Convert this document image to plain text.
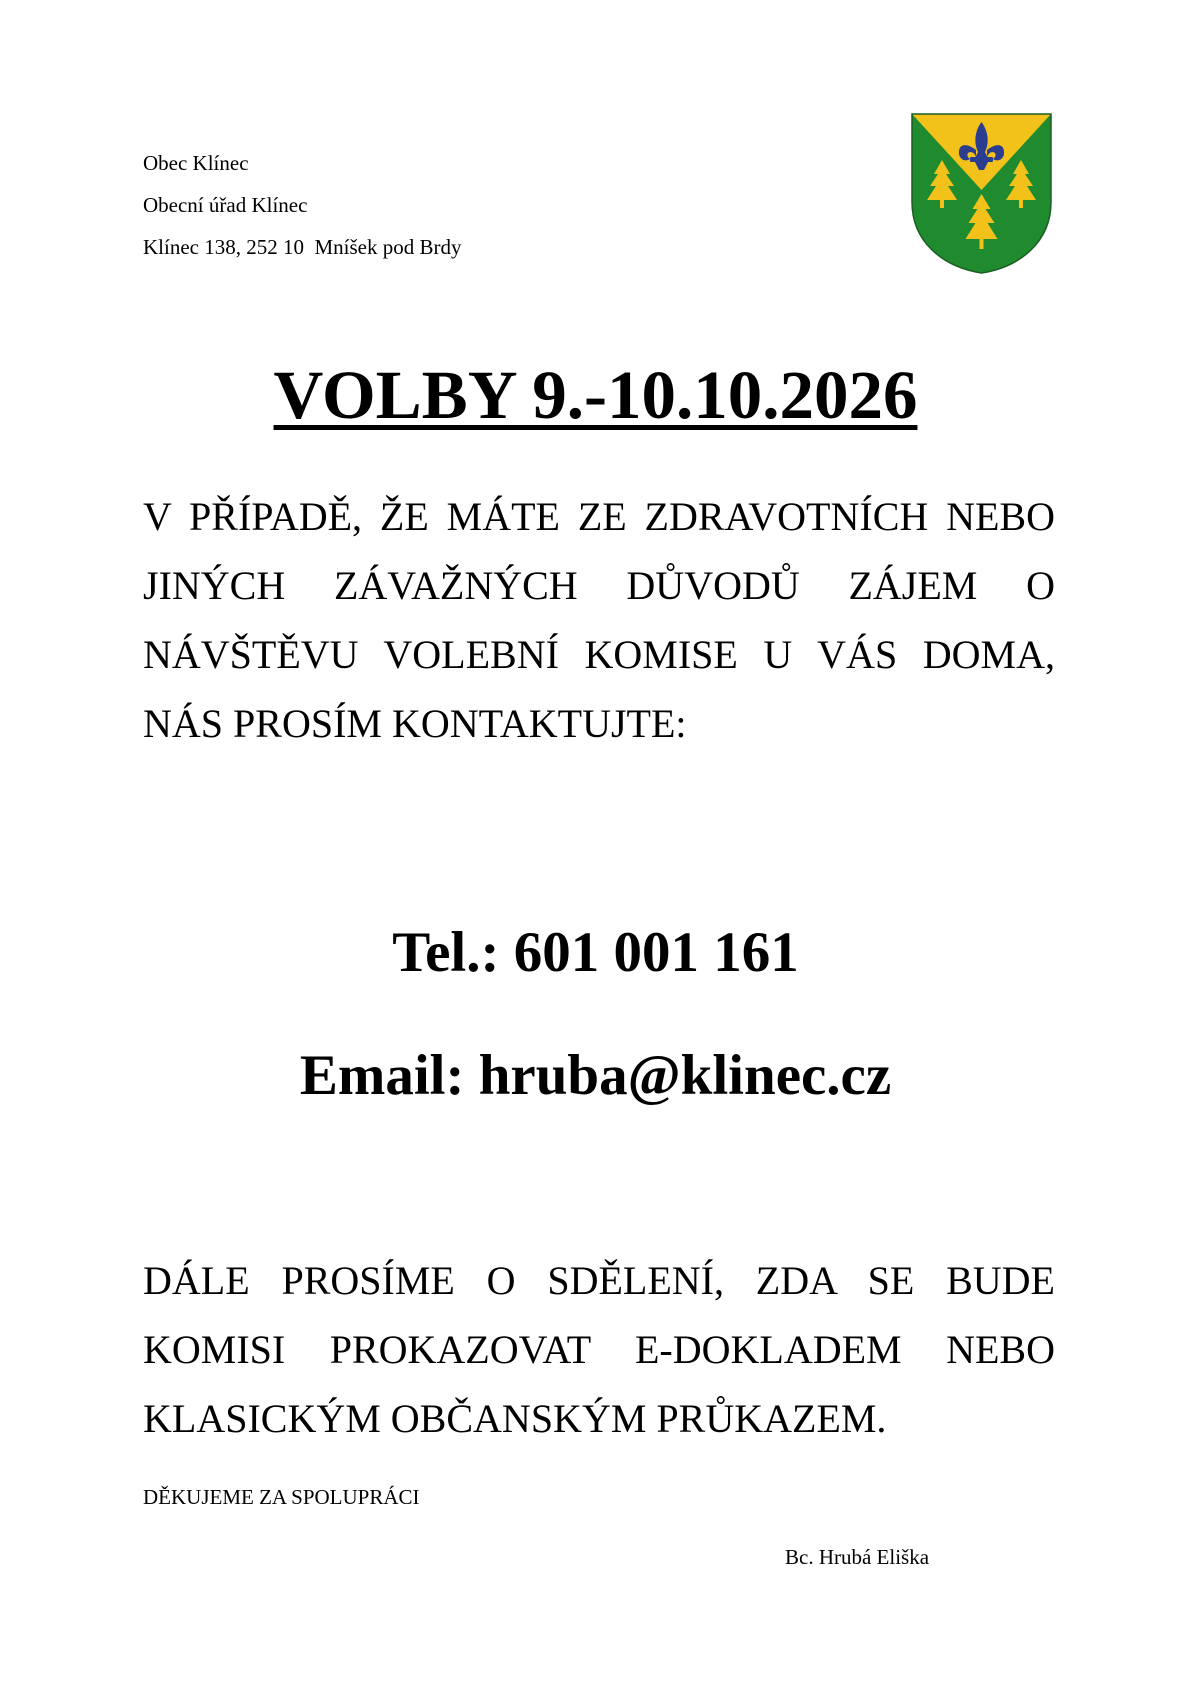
Obec Klínec
Obecní úřad Klínec
Klínec 138, 252 10  Mníšek pod Brdy
VOLBY 9.-10.10.2026
V PŘÍPADĚ, ŽE MÁTE ZE ZDRAVOTNÍCH NEBO
JINÝCH ZÁVAŽNÝCH DŮVODŮ ZÁJEM O
NÁVŠTĚVU VOLEBNÍ KOMISE U VÁS DOMA,
NÁS PROSÍM KONTAKTUJTE:
Tel.: 601 001 161
Email: hruba@klinec.cz
DÁLE PROSÍME O SDĚLENÍ, ZDA SE BUDE
KOMISI PROKAZOVAT E-DOKLADEM NEBO
KLASICKÝM OBČANSKÝM PRŮKAZEM.
DĚKUJEME ZA SPOLUPRÁCI
Bc. Hrubá Eliška
